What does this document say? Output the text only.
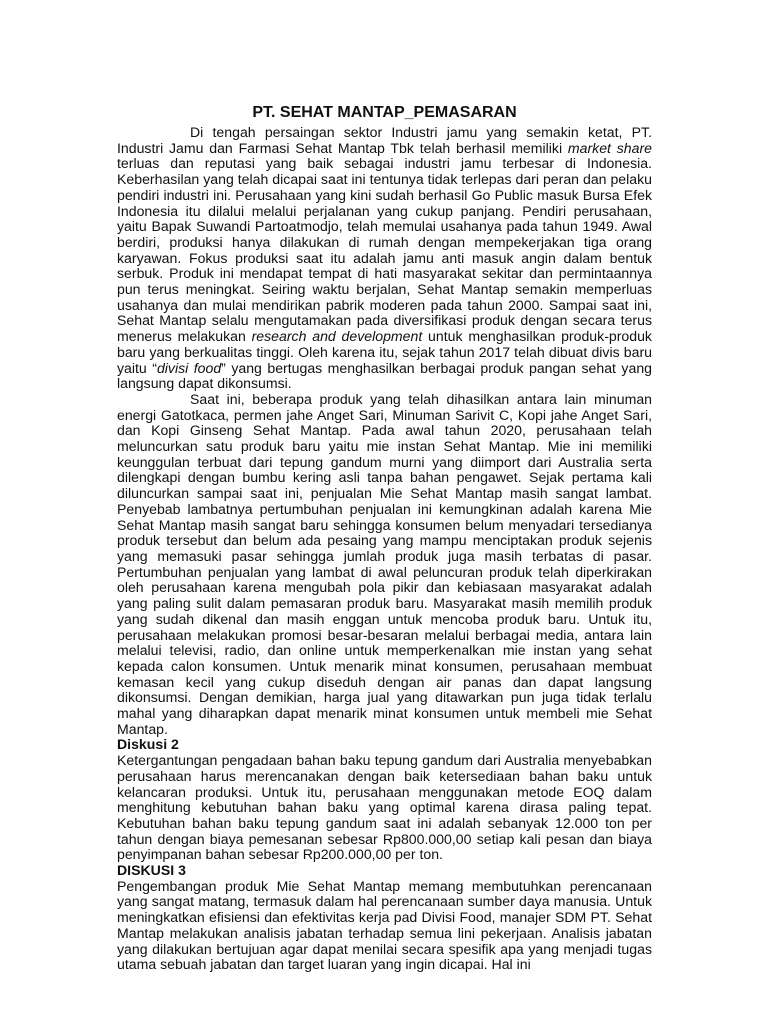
PT. SEHAT MANTAP_PEMASARAN

Di tengah persaingan sektor Industri jamu yang semakin ketat, PT. Industri Jamu dan Farmasi Sehat Mantap Tbk telah berhasil memiliki market share terluas dan reputasi yang baik sebagai industri jamu terbesar di Indonesia. Keberhasilan yang telah dicapai saat ini tentunya tidak terlepas dari peran dan pelaku pendiri industri ini. Perusahaan yang kini sudah berhasil Go Public masuk Bursa Efek Indonesia itu dilalui melalui perjalanan yang cukup panjang. Pendiri perusahaan, yaitu Bapak Suwandi Partoatmodjo, telah memulai usahanya pada tahun 1949. Awal berdiri, produksi hanya dilakukan di rumah dengan mempekerjakan tiga orang karyawan. Fokus produksi saat itu adalah jamu anti masuk angin dalam bentuk serbuk. Produk ini mendapat tempat di hati masyarakat sekitar dan permintaannya pun terus meningkat. Seiring waktu berjalan, Sehat Mantap semakin memperluas usahanya dan mulai mendirikan pabrik moderen pada tahun 2000. Sampai saat ini, Sehat Mantap selalu mengutamakan pada diversifikasi produk dengan secara terus menerus melakukan research and development untuk menghasilkan produk-produk baru yang berkualitas tinggi. Oleh karena itu, sejak tahun 2017 telah dibuat divis baru yaitu “divisi food” yang bertugas menghasilkan berbagai produk pangan sehat yang langsung dapat dikonsumsi.

Saat ini, beberapa produk yang telah dihasilkan antara lain minuman energi Gatotkaca, permen jahe Anget Sari, Minuman Sarivit C, Kopi jahe Anget Sari, dan Kopi Ginseng Sehat Mantap. Pada awal tahun 2020, perusahaan telah meluncurkan satu produk baru yaitu mie instan Sehat Mantap. Mie ini memiliki keunggulan terbuat dari tepung gandum murni yang diimport dari Australia serta dilengkapi dengan bumbu kering asli tanpa bahan pengawet. Sejak pertama kali diluncurkan sampai saat ini, penjualan Mie Sehat Mantap masih sangat lambat. Penyebab lambatnya pertumbuhan penjualan ini kemungkinan adalah karena Mie Sehat Mantap masih sangat baru sehingga konsumen belum menyadari tersedianya produk tersebut dan belum ada pesaing yang mampu menciptakan produk sejenis yang memasuki pasar sehingga jumlah produk juga masih terbatas di pasar. Pertumbuhan penjualan yang lambat di awal peluncuran produk telah diperkirakan oleh perusahaan karena mengubah pola pikir dan kebiasaan masyarakat adalah yang paling sulit dalam pemasaran produk baru. Masyarakat masih memilih produk yang sudah dikenal dan masih enggan untuk mencoba produk baru. Untuk itu, perusahaan melakukan promosi besar-besaran melalui berbagai media, antara lain melalui televisi, radio, dan online untuk memperkenalkan mie instan yang sehat kepada calon konsumen. Untuk menarik minat konsumen, perusahaan membuat kemasan kecil yang cukup diseduh dengan air panas dan dapat langsung dikonsumsi. Dengan demikian, harga jual yang ditawarkan pun juga tidak terlalu mahal yang diharapkan dapat menarik minat konsumen untuk membeli mie Sehat Mantap.

Diskusi 2

Ketergantungan pengadaan bahan baku tepung gandum dari Australia menyebabkan perusahaan harus merencanakan dengan baik ketersediaan bahan baku untuk kelancaran produksi. Untuk itu, perusahaan menggunakan metode EOQ dalam menghitung kebutuhan bahan baku yang optimal karena dirasa paling tepat. Kebutuhan bahan baku tepung gandum saat ini adalah sebanyak 12.000 ton per tahun dengan biaya pemesanan sebesar Rp800.000,00 setiap kali pesan dan biaya penyimpanan bahan sebesar Rp200.000,00 per ton.

DISKUSI 3

Pengembangan produk Mie Sehat Mantap memang membutuhkan perencanaan yang sangat matang, termasuk dalam hal perencanaan sumber daya manusia. Untuk meningkatkan efisiensi dan efektivitas kerja pad Divisi Food, manajer SDM PT. Sehat Mantap melakukan analisis jabatan terhadap semua lini pekerjaan. Analisis jabatan yang dilakukan bertujuan agar dapat menilai secara spesifik apa yang menjadi tugas utama sebuah jabatan dan target luaran yang ingin dicapai. Hal ini
